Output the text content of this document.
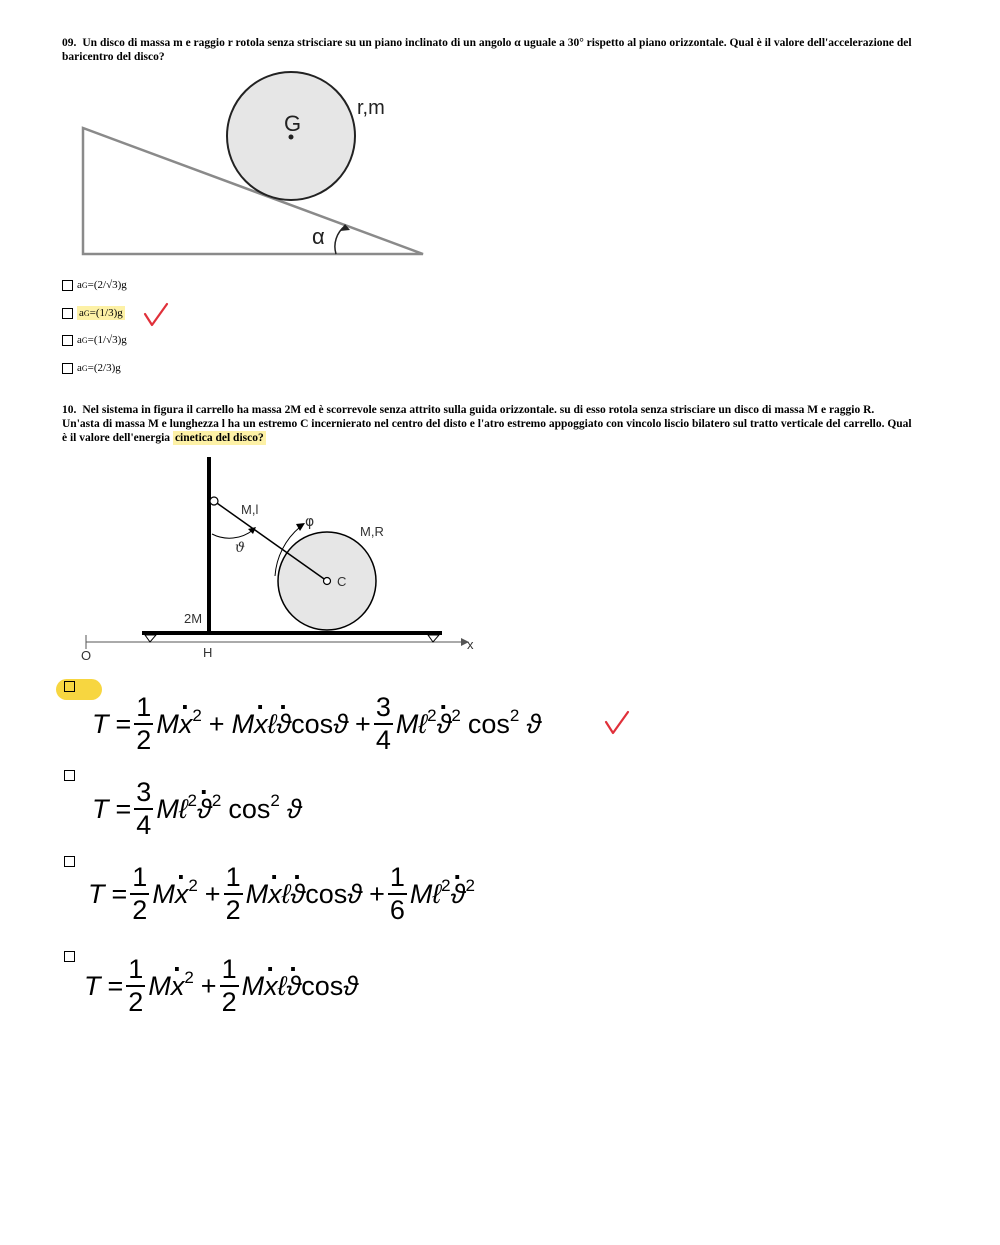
09. Un disco di massa m e raggio r rotola senza strisciare su un piano inclinato di un angolo α uguale a 30° rispetto al piano orizzontale. Qual è il valore dell'accelerazione del baricentro del disco?
G
r,m
α
aG=(2/√3)g
aG=(1/3)g
aG=(1/√3)g
aG=(2/3)g
10. Nel sistema in figura il carrello ha massa 2M ed è scorrevole senza attrito sulla guida orizzontale. su di esso rotola senza strisciare un disco di massa M e raggio R. Un'asta di massa M e lunghezza l ha un estremo C incernierato nel centro del disto e l'atro estremo appoggiato con vincolo liscio bilatero sul tratto verticale del carrello. Qual è il valore dell'energia cinetica del disco?
x
O	H
2M
M,R
C
M,l
ϑ
φ
$T = \frac{1}{2}$ M
· $x^2 + M$
· x ℓ
· ϑ $\cos ϑ + \frac{3}{4}$ M ℓ$^2$
· $ϑ^2$ $\cos^2 ϑ$
$T = \frac{3}{4}$ M ℓ$^2$
· $ϑ^2$ $\cos^2 ϑ$
$T = \frac{1}{2}$ M
· $x^2 + \frac{1}{2}$ M
· x ℓ
· ϑ $\cos ϑ + \frac{1}{6}$ M ℓ$^2$
· $ϑ^2$
$T = \frac{1}{2}$ M
· $x^2 + \frac{1}{2}$ M
· x ℓ
· ϑ cos ϑ
